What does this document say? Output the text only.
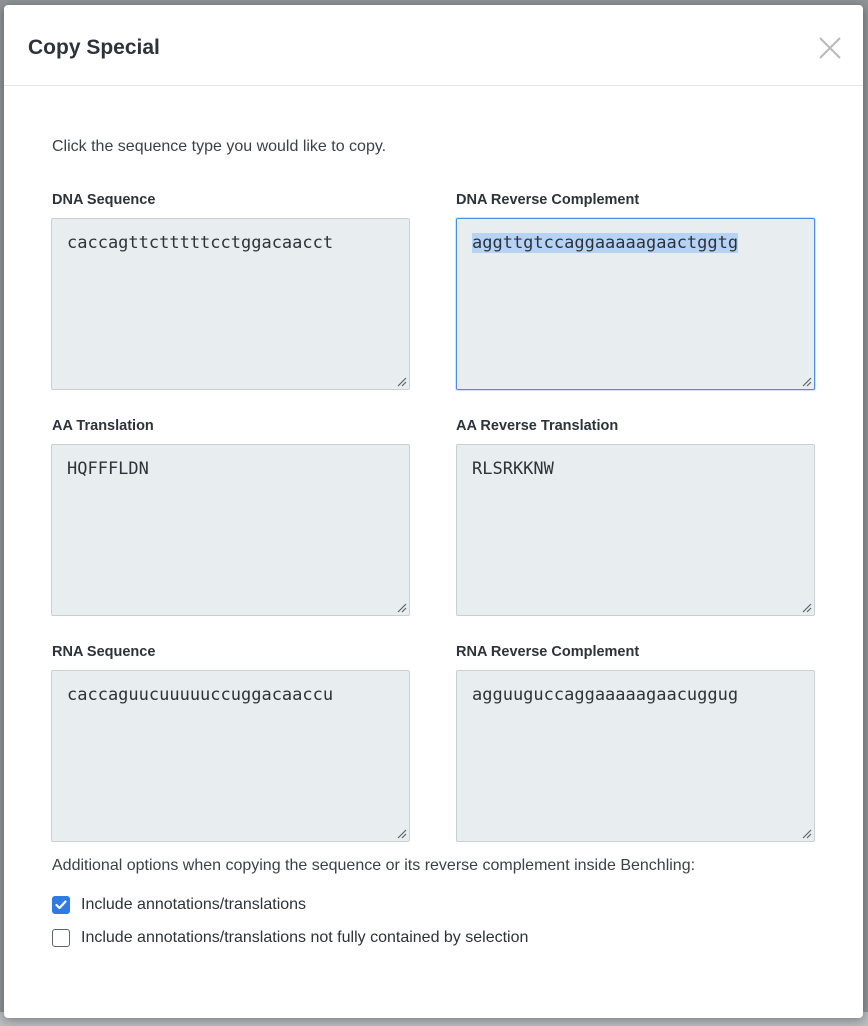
Copy Special
Click the sequence type you would like to copy.
DNA Sequence
caccagttctttttcctggacaacct
DNA Reverse Complement
aggttgtccaggaaaaagaactggtg
AA Translation
HQFFFLDN
AA Reverse Translation
RLSRKKNW
RNA Sequence
caccaguucuuuuuccuggacaaccu
RNA Reverse Complement
agguuguccaggaaaaagaacuggug
Additional options when copying the sequence or its reverse complement inside Benchling:
Include annotations/translations
Include annotations/translations not fully contained by selection
